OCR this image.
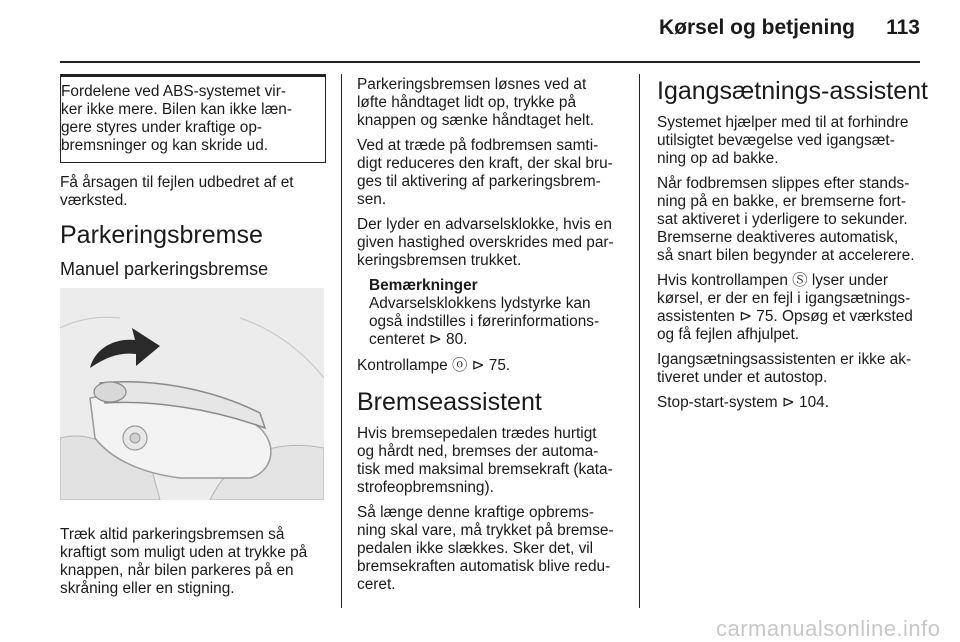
Kørsel og betjening	113
Fordelene ved ABS-systemet vir-
ker ikke mere. Bilen kan ikke læn-
gere styres under kraftige op-
bremsninger og kan skride ud.

Få årsagen til fejlen udbedret af et
værksted.

Parkeringsbremse
Manuel parkeringsbremse

Træk altid parkeringsbremsen så
kraftigt som muligt uden at trykke på
knappen, når bilen parkeres på en
skråning eller en stigning.

Parkeringsbremsen løsnes ved at
løfte håndtaget lidt op, trykke på
knappen og sænke håndtaget helt.

Ved at træde på fodbremsen samti-
digt reduceres den kraft, der skal bru-
ges til aktivering af parkeringsbrem-
sen.

Der lyder en advarselsklokke, hvis en
given hastighed overskrides med par-
keringsbremsen trukket.

Bemærkninger
Advarselsklokkens lydstyrke kan
også indstilles i førerinformations-
centeret ⊳ 80.

Kontrollampe ⓞ ⊳ 75.

Bremseassistent

Hvis bremsepedalen trædes hurtigt
og hårdt ned, bremses der automa-
tisk med maksimal bremsekraft (kata-
strofeopbremsning).

Så længe denne kraftige opbrems-
ning skal vare, må trykket på bremse-
pedalen ikke slækkes. Sker det, vil
bremsekraften automatisk blive redu-
ceret.

Igangsætnings-assistent

Systemet hjælper med til at forhindre
utilsigtet bevægelse ved igangsæt-
ning op ad bakke.

Når fodbremsen slippes efter stands-
ning på en bakke, er bremserne fort-
sat aktiveret i yderligere to sekunder.
Bremserne deaktiveres automatisk,
så snart bilen begynder at accelerere.

Hvis kontrollampen Ⓢ lyser under
kørsel, er der en fejl i igangsætnings-
assistenten ⊳ 75. Opsøg et værksted
og få fejlen afhjulpet.

Igangsætningsassistenten er ikke ak-
tiveret under et autostop.

Stop-start-system ⊳ 104.

carmanualsonline.info
